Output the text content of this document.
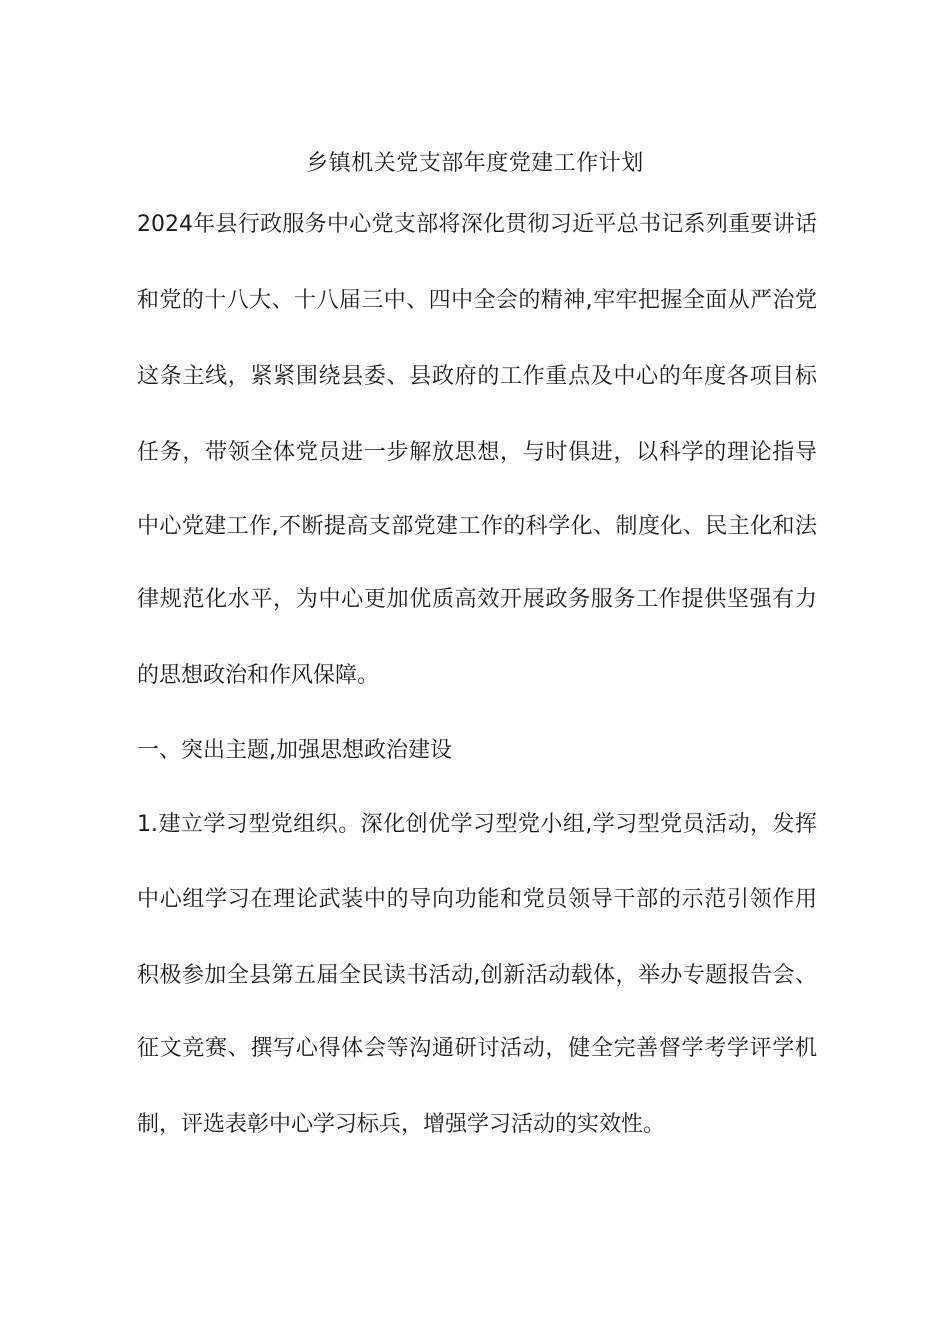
乡镇机关党支部年度党建工作计划
2024年县行政服务中心党支部将深化贯彻习近平总书记系列重要讲话
和党的十八大、十八届三中、四中全会的精神,牢牢把握全面从严治党
这条主线，紧紧围绕县委、县政府的工作重点及中心的年度各项目标
任务，带领全体党员进一步解放思想，与时俱进，以科学的理论指导
中心党建工作,不断提高支部党建工作的科学化、制度化、民主化和法
律规范化水平，为中心更加优质高效开展政务服务工作提供坚强有力
的思想政治和作风保障。
一、突出主题,加强思想政治建设
1.建立学习型党组织。深化创优学习型党小组,学习型党员活动，发挥
中心组学习在理论武装中的导向功能和党员领导干部的示范引领作用
积极参加全县第五届全民读书活动,创新活动载体，举办专题报告会、
征文竞赛、撰写心得体会等沟通研讨活动，健全完善督学考学评学机
制，评选表彰中心学习标兵，增强学习活动的实效性。
